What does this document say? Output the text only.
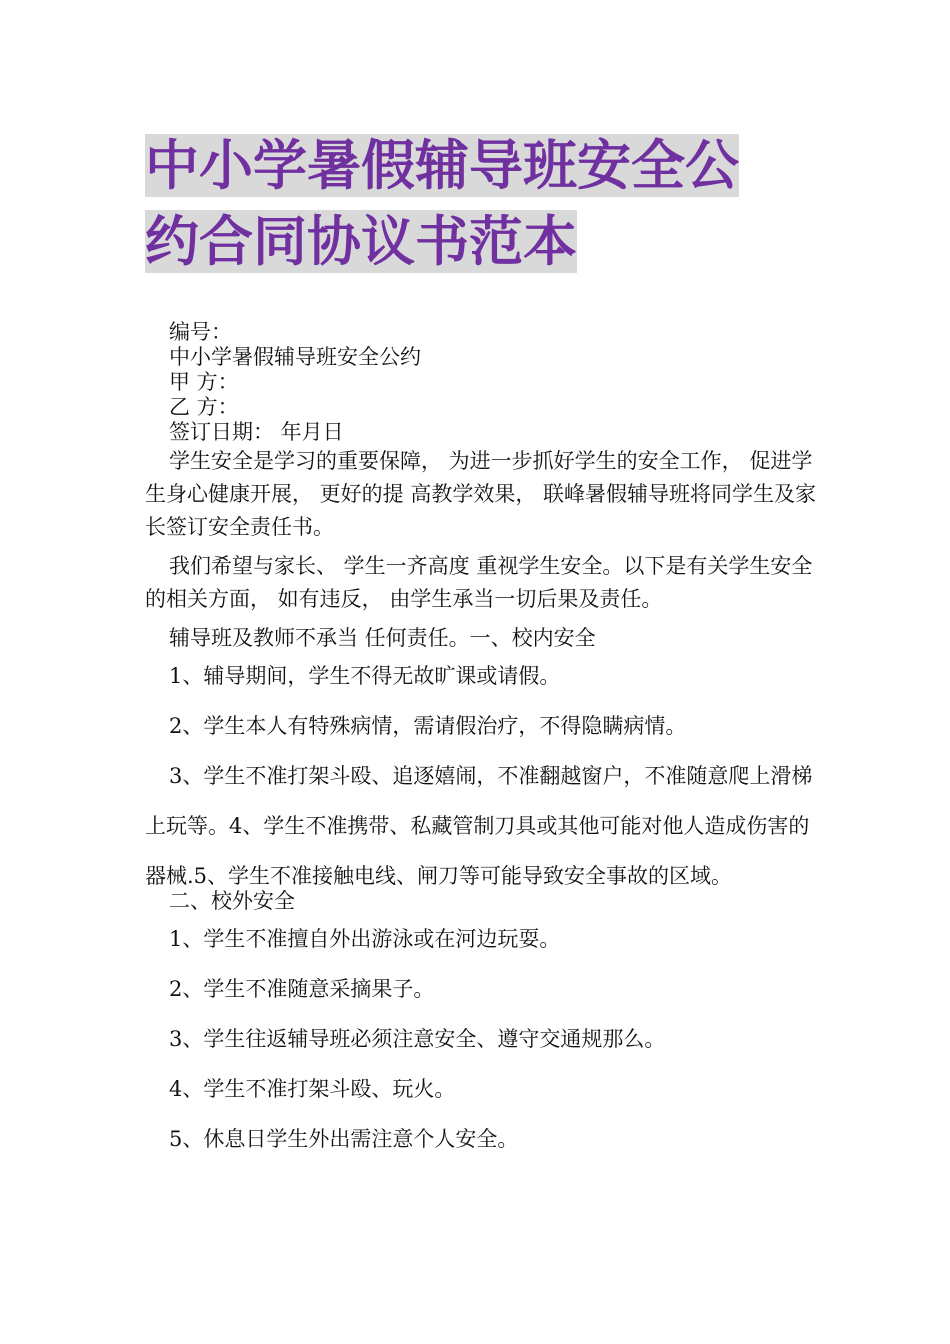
中小学暑假辅导班安全公
约合同协议书范本
编号：
中小学暑假辅导班安全公约
甲 方：
乙 方：
签订日期： 年月日

学生安全是学习的重要保障， 为进一步抓好学生的安全工作， 促进学生身心健康开展， 更好的提 高教学效果， 联峰暑假辅导班将同学生及家长签订安全责任书。

我们希望与家长、 学生一齐高度 重视学生安全。以下是有关学生安全的相关方面， 如有违反， 由学生承当一切后果及责任。

辅导班及教师不承当 任何责任。一、校内安全

1、辅导期间，学生不得无故旷课或请假。

2、学生本人有特殊病情，需请假治疗，不得隐瞒病情。

3、学生不准打架斗殴、追逐嬉闹，不准翻越窗户，不准随意爬上滑梯上玩等。4、学生不准携带、私藏管制刀具或其他可能对他人造成伤害的器械.5、学生不准接触电线、闸刀等可能导致安全事故的区域。

二、校外安全

1、学生不准擅自外出游泳或在河边玩耍。

2、学生不准随意采摘果子。

3、学生往返辅导班必须注意安全、遵守交通规那么。

4、学生不准打架斗殴、玩火。

5、休息日学生外出需注意个人安全。
